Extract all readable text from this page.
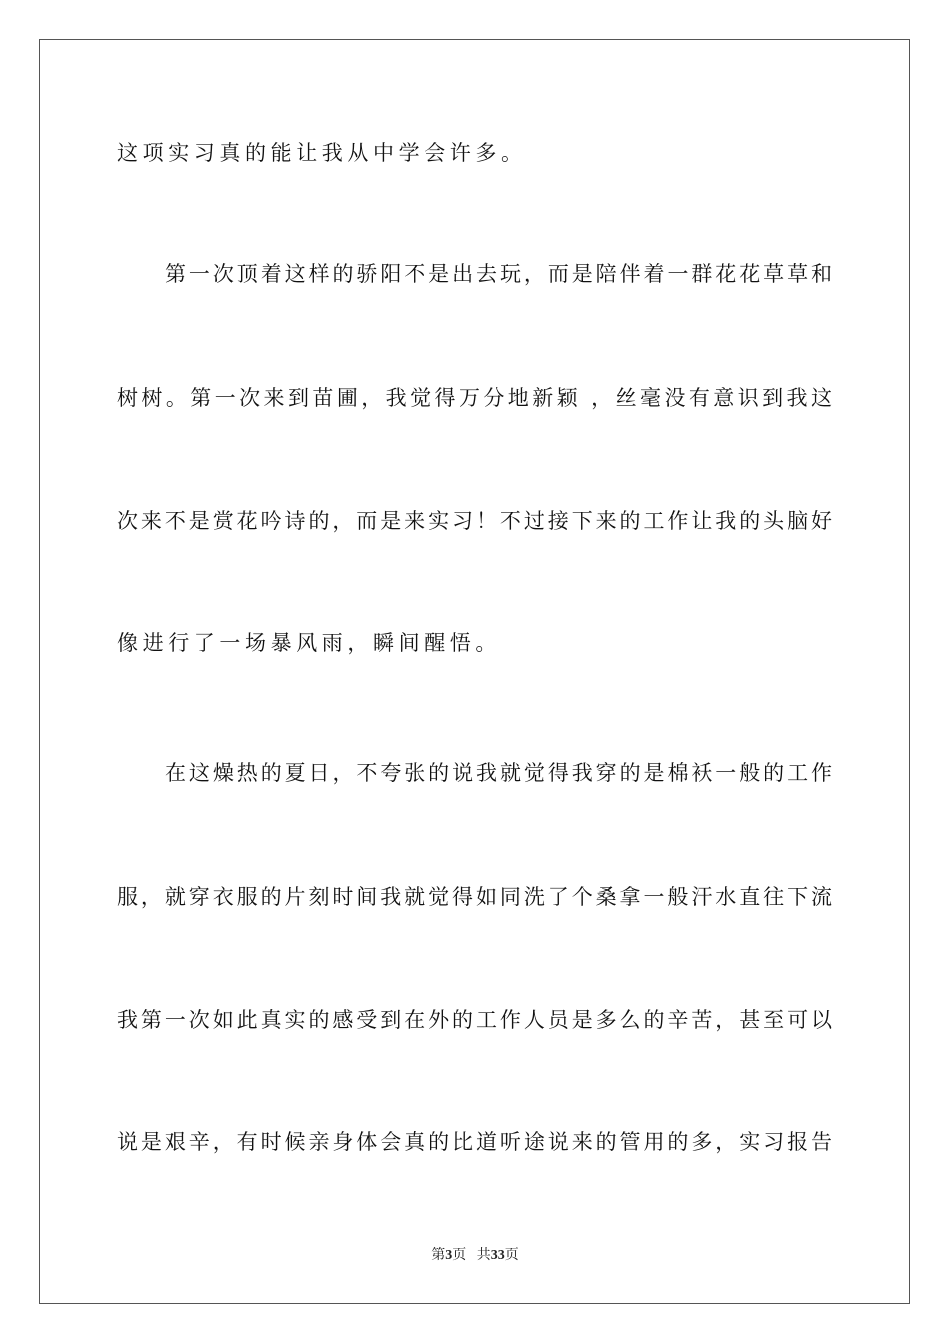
这项实习真的能让我从中学会许多。
第一次顶着这样的骄阳不是出去玩，而是陪伴着一群花花草草和
树树。第一次来到苗圃，我觉得万分地新颖 ，丝毫没有意识到我这
次来不是赏花吟诗的，而是来实习！不过接下来的工作让我的头脑好
像进行了一场暴风雨，瞬间醒悟。
在这燥热的夏日，不夸张的说我就觉得我穿的是棉袄一般的工作
服，就穿衣服的片刻时间我就觉得如同洗了个桑拿一般汗水直往下流
我第一次如此真实的感受到在外的工作人员是多么的辛苦，甚至可以
说是艰辛，有时候亲身体会真的比道听途说来的管用的多，实习报告
第3页 共33页
